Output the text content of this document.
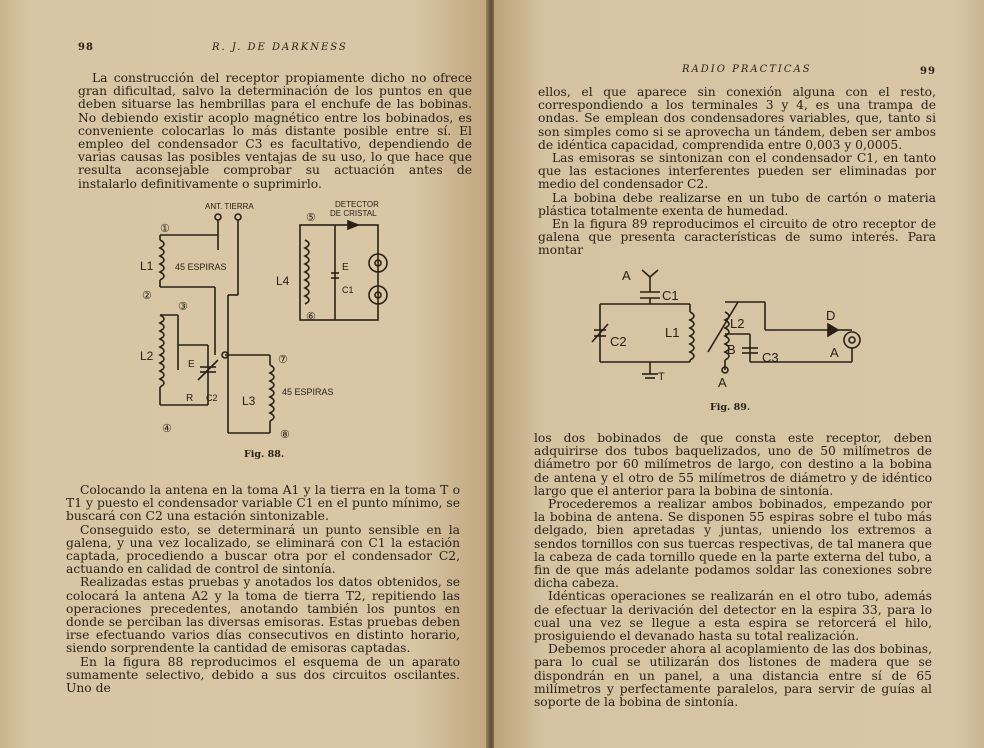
98	R. J. DE DARKNESS

La construcción del receptor propiamente dicho no ofrece gran dificultad, salvo la determinación de los puntos en que deben situarse las hembrillas para el enchufe de las bobinas. No debiendo existir acoplo magnético entre los bobinados, es conveniente colocarlas lo más distante posible entre sí. El empleo del condensador C3 es facultativo, dependiendo de varias causas las posibles ventajas de su uso, lo que hace que resulta aconsejable comprobar su actuación antes de instalarlo definitivamente o suprimirlo.

ANT. TIERRA
①
L1 45 ESPIRAS
②
L2
③
④
E
R C2
⑦
L3
45 ESPIRAS
⑧
DETECTOR
DE CRISTAL
⑤
L4
E
C1
⑥
Fig. 88.

Colocando la antena en la toma A1 y la tierra en la toma T o T1 y puesto el condensador variable C1 en el punto mínimo, se buscará con C2 una estación sintonizable.

Conseguido esto, se determinará un punto sensible en la galena, y una vez localizado, se eliminará con C1 la estación captada, procediendo a buscar otra por el condensador C2, actuando en calidad de control de sintonía.

Realizadas estas pruebas y anotados los datos obtenidos, se colocará la antena A2 y la toma de tierra T2, repitiendo las operaciones precedentes, anotando también los puntos en donde se perciban las diversas emisoras. Estas pruebas deben irse efectuando varios días consecutivos en distinto horario, siendo sorprendente la cantidad de emisoras captadas.

En la figura 88 reproducimos el esquema de un aparato sumamente selectivo, debido a sus dos circuitos oscilantes. Uno de

RADIO PRACTICAS	99

ellos, el que aparece sin conexión alguna con el resto, correspondiendo a los terminales 3 y 4, es una trampa de ondas. Se emplean dos condensadores variables, que, tanto si son simples como si se aprovecha un tándem, deben ser ambos de idéntica capacidad, comprendida entre 0,003 y 0,0005.

Las emisoras se sintonizan con el condensador C1, en tanto que las estaciones interferentes pueden ser eliminadas por medio del condensador C2.

La bobina debe realizarse en un tubo de cartón o materia plástica totalmente exenta de humedad.

En la figura 89 reproducimos el circuito de otro receptor de galena que presenta características de sumo interés. Para montar

A
C1
C2
L1
L2
B
C3
D
A
T	A
Fig. 89.

los dos bobinados de que consta este receptor, deben adquirirse dos tubos baquelizados, uno de 50 milímetros de diámetro por 60 milímetros de largo, con destino a la bobina de antena y el otro de 55 milímetros de diámetro y de idéntico largo que el anterior para la bobina de sintonía.

Procederemos a realizar ambos bobinados, empezando por la bobina de antena. Se disponen 55 espiras sobre el tubo más delgado, bien apretadas y juntas, uniendo los extremos a sendos tornillos con sus tuercas respectivas, de tal manera que la cabeza de cada tornillo quede en la parte externa del tubo, a fin de que más adelante podamos soldar las conexiones sobre dicha cabeza.

Idénticas operaciones se realizarán en el otro tubo, además de efectuar la derivación del detector en la espira 33, para lo cual una vez se llegue a esta espira se retorcerá el hilo, prosiguiendo el devanado hasta su total realización.

Debemos proceder ahora al acoplamiento de las dos bobinas, para lo cual se utilizarán dos listones de madera que se dispondrán en un panel, a una distancia entre sí de 65 milímetros y perfectamente paralelos, para servir de guías al soporte de la bobina de sintonía.
